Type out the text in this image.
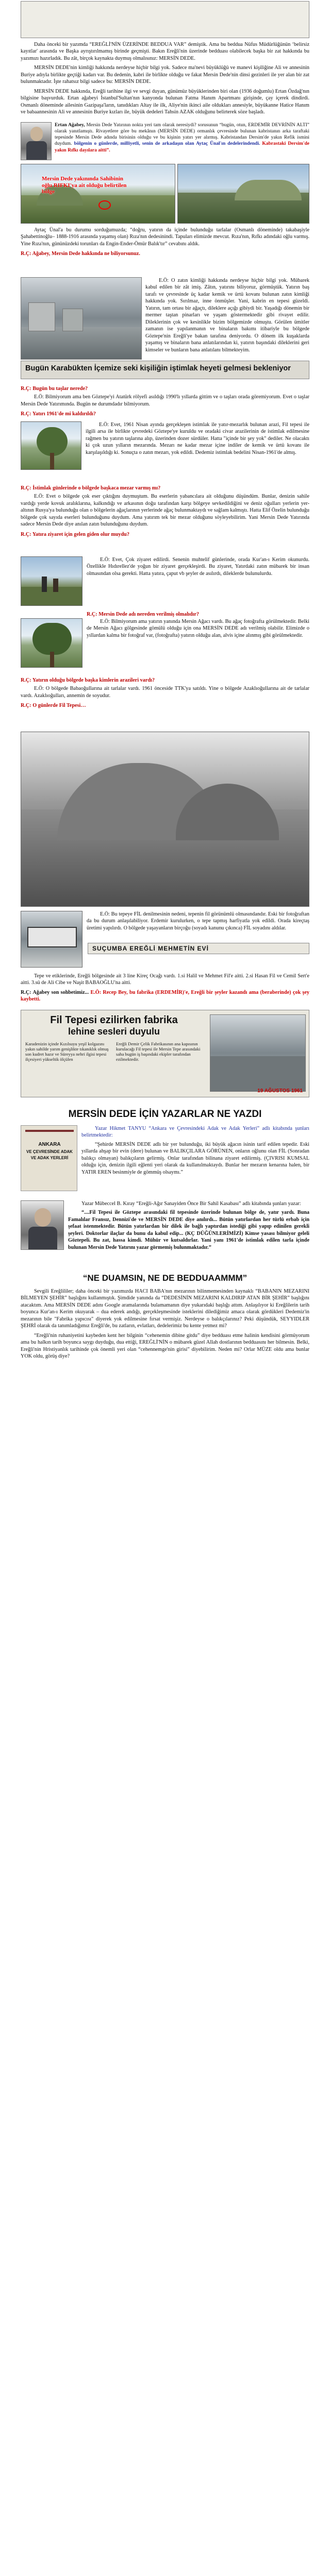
Daha önceki bir yazımda “EREĞLİ'NİN ÜZERİNDE BEDDUA VAR” demiştik. Ama bu beddua Nüfus Müdürlüğünün ‘belirsiz kayıtlar' arasında ve Başka ayrıştırılmamış birinde geçmişti. Bakın Ereğli'nin üzerinde bedduası olabilecek başka bir zat hakkında bu yazımızı hazırladık. Bu zât, birçok kaynakta duymuş olmalısınız: MERSİN DEDE.

MERSİN DEDE'nin kimliği hakkında nerdeyse hiçbir bilgi yok. Sadece ma'nevi büyüklüğü ve manevi kişiliğine Ali ve annesinin Buriye adıyla birlikte geçtiği kadarı var. Bu dedenin, kabri ile birlikte olduğu ve fakat Mersin Dede'nin dinsi gezinleri ile yer alan bir zat bulunmaktadır. İşte rahatsız bilgi sadece bu: MERSİN DEDE.

MERSİN DEDE hakkında, Ereğli tarihine ilgi ve sevgi duyan, günümüz büyüklerinden biri olan (1936 doğumlu) Ertan Özdağ'nın bilgisine başvurduk. Ertan ağabeyi İstanbul'Sultan'nın kanyonda bulunan Fatma Hanım Apartmanı girişinde, çay içerek dindirdi. Osmanlı döneminde ailesinin Gazipaşa'ların, tanıdıkları Altay ile ilk, Aliye'nin ikinci aile oldukları annesiyle, büyükanne Hatice Hanım ve babaannesinin Ali ve annesinin Buriye kızları ile, büyük dedeleri Tahsin AZAK olduğunu belirterek söze başladı.

Ertan Ağabey, Mersin Dede Yatırının nokta yeri tam olarak neresiydi? sorusunun “bugün, otun, ERDEMİR DEVRİNİN ALTI” olarak yanıtlamıştı. Rivayetlere göre bu mekânın (MERSİN DEDE) ormanlık çevresinde bulunan kabristanın arka taraftaki tepesinde Mersin Dede adında birisinin olduğu ve bu kişinin yatırı yer alırmış. Kabristandan Dersim'de yakın Refik ismini duydum. bölgenin o günlerde, milliyetli, senin de arkadaşın olan Aytaç Ünal'ın dedelerindendi. Kabrastaki Dersim'de yakın Rıfkı dayılara aitti”.
Mersin Dede yakınında Sahibinin oğlu RIFKI'ya ait olduğu belirtilen bölge

Aytaç Ünal'a bu durumu sorduğumuzda; “doğru, yatırın da içinde bulunduğu tarlalar (Osmanlı döneminde) takabaşiyle Şahabettinoğlu– 1888-1916 arasında yaşamış olan) Rıza'nın dedesinindi. Tapuları elimizde mevcut. Rıza'nın, Rıfkı adındaki oğlu varmış. Yine Rıza'nın, gününüzdeki torunları da Engin-Ender-Ömür Balık'tır” cevabını aldık.

R.Ç: Ağabey, Mersin Dede hakkında ne biliyorsunuz.

E.Ö: O zatın kimliği hakkında nerdeyse hiçbir bilgi yok. Mübarek kabul edilen bir zât imiş. Zâtın, yatırını biliyoruz, görmüştük. Yatırın baş tarafı ve çevresinde üç kadar kemik ve ürtü kovanı bulunan zatın kimliği hakkında yok. Sırılmaz, inne önmüşler. Yani, kabrin en tepesi güzeldi. Yatırın, tam ortası bir ağaçtı, dileklere açığı gibiydi bir. Yaşadığı dönemin bir mermer taştan pinarları ve yaşam göstermektedir gibi rivayet edilir. Dileklerinin çok ve kesinlikle bizim bölgemizde olmuştu. Görülen ümitler zamanın ise yapılanmanın ve binaların bakımı itibariyle bu bölgede Göztepe'nin Ereğli'ye bakan tarafına deniyordu. O dönem ilk kuşaklarda yaşamış ve binaların bana anlatılarından ki, yatırın başındaki dileklerini geri kimseler ve bunların bana anlatılanı bilmekteyim.

Bugün Karabükten İçemize seki kişiliğin iştimlak heyeti gelmesi bekleniyor

R.Ç: Bugün bu taşlar nerede?

E.Ö: Bilmiyorum ama ben Göztepe'yi Atatürk rölyefi asıldığı 1990'lı yıllarda gittim ve o taşları orada göremiyorum. Evet o taşlar Mersin Dede Yatırımında. Bugün ne durumdadır bilmiyorum.

R.Ç: Yatırı 1961'de mi kaldırıldı?

E.Ö: Evet, 1961 Nisan ayında gerçekleşen istimlak ile yatır-mezarlık bulunan arazi, Fil tepesi ile ilgili arsa ile birlikte çevredeki Göztepe'ye kuruldu ve oradaki civar arazilerinin de istimlak edilmesine rağmen bu yatırın taşlarına alıp, üzerinden dozer sürdüler. Hatta "içinde bir şey yok" dediler. Ne olacaktı ki çok uzun yılların mezarında. Mezarı ne kadar mezar içine indiler de kemik ve ürtü kovanı ile karşılaşıldığı ki. Sonuçta o zatın mezarı, yok edildi. Dedemiz istimlak bedelini Nisan-1961'de almış.

R.Ç: İstimlak günlerinde o bölgede başkaca mezar varmış mı?

E.Ö: Evet o bölgede çok eser çıktığını duymuştum. Bu eserlerin yabancılara ait olduğunu düşündüm. Bunlar, denizin sahile vardığı yerde kovuk aralıklarına, kalkındığı ve arkasının doğu tarafından karşı bölgeye sevkedildiğini ve deniz oğulları yerlerin yer-altının Rusya'ya bulunduğu olan o bölgelerin ağaçlarının yerlerinde ağaç bulunmaktaydı ve sağlam kalmıştı. Hatta Elif Özelin bulunduğu bölgede çok sayıda eserleri bulunduğunu duydum. Ama yatırım tek bir mezar olduğunu söyleyebilirim. Yani Mersin Dede Yatırında sadece Mersin Dede diye anılan zatın bulunduğunu duydum.

R.Ç: Yatıra ziyaret için gelen giden olur muydu?

E.Ö: Evet, Çok ziyaret edilirdi. Senenin muhtelif günlerinde, orada Kur'an-ı Kerim okunurdu. Özellikle Hıdırellez'de yoğun bir ziyaret gerçekleşirdi. Bu ziyaret, Yatırdaki zatın mübarek bir insan olmasından olsa gerekti. Hatta yatıra, çaput vb şeyler de asılırdı, dileklerde bulunulurdu.

R.Ç: Mersin Dede adı nereden verilmiş olmalıdır?

E.Ö: Bilmiyorum ama yatırın yanında Mersin Ağacı vardı. Bu ağaç fotoğrafta görülmektedir. Belki de Mersin Ağacı gölgesinde gömülü olduğu için ona MERSİN DEDE adı verilmiş olabilir. Elimizde o yıllardan kalma bir fotoğraf var, (fotoğrafta) yatırın olduğu alan, alvis içine alınmış gibi görülmektedir.

R.Ç: Yatırın olduğu bölgede başka kimlerin arazileri vardı?

E.Ö: O bölgede Babaoğullarına ait tarlalar vardı. 1961 önceside TTK'ya satıldı. Yine o bölgede Azaklıoğullarına ait de tarlalar vardı. Azaklıoğulları, annemin de soyudur.

R.Ç: O günlerde Fil Tepesi…

E.Ö: Bu tepeye FİL denilmesinin nedeni, tepenin fil görünümlü olmasındandır. Eski bir fotoğraftan da bu durum anlaşılabiliyor. Erdemir kurulurken, o tepe tapmış harfiyatla yok edildi. Orada kireçtaş üretimi yapılırdı. O bölgede yaşayanların birçoğu (soyadı kanunu çıkınca) FİL soyadını aldılar.

SUÇUMBA EREĞLİ MEHMETİN EVİ

Tepe ve etiklerinde, Ereğli bölgesinde ait 3 line Kireç Ocağı vardı. 1.si Halil ve Mehmet Fil'e aitti. 2.si Hasan Fil ve Cemil Sert'e aitti. 3.sü de Ali Cibe ve Naşit BABAOĞLU'na aitti.

R.Ç: Ağabey son sohbetimiz... E.Ö: Recep Bey, bu fabrika (ERDEMİR)'e, Ereğli bir şeyler kazandı ama (beraberinde) çok şey kaybetti.

Fil Tepesi ezilirken fabrika
lehine sesleri duyulu
Karadenizin içinde Kızılsuyu yeşil kolgazını yakın sahilde yarım genişlikte tıkanıklık olmuş son kudret hazır ve Süreyya nehri ilgisi tepesi ilçesiyeri yükseltik ölçülen
Ereğli Demir Çelik Fabrikasının ana kapısının kurulacağı Fil tepesi ile Mersin Tepe arasındaki saha bugün iş başındaki ekipler tarafından ezilmektedir.
19 AĞUSTOS 1961
MERSİN DEDE İÇİN YAZARLAR NE YAZDI
ANKARA
VE ÇEVRESİNDE ADAK
VE ADAK YERLERİ

Yazar Hikmet TANYU “Ankara ve Çevresindeki Adak ve Adak Yerleri” adlı kitabında şunları belirtmektedir:

“Şehirde MERSİN DEDE adlı bir yer bulunduğu, iki büyük ağacın isinin tarif edilen tepedir. Eski yıllarda ahşap bir evin (dere) bulunan ve BALIKÇILARA GÖRÜNEN, onların oğlunu olan FİL (Sonradan balıkçı olmayan) balıkçıların gelirmiş. Onlar tarafından bilinana ziyaret edilirmiş. (ÇIVRISI KUMSAL olduğu için, denizin ilgili eğlenti yeri olarak da kullanılmaktaydı. Bunlar her mezarın kenarına halen, bir YATIR EREN besinmiyle de gömmüş olsaymı.”

Yazar Mübeccel B. Kıray “Ereğli-Ağır Sanayiden Önce Bir Sahil Kasabası” adlı kitabında şunları yazar:

“....Fil Tepesi ile Göztepe arasındaki fil tepesinde üzerinde bulunan bölge de, yatır yardı. Buna Famalılar Fransız, Dennizi'de ve MERSİN DEDE diye anılırdı... Bütün yatırlardan her türlü erbab için şefaat istenmektedir. Bütün yatırlardan bir dilek ile bağlı yaptırdan istediği gibi yapıp edinilen gerekli şeyleri. Doktorlar ilaçlar da bunu da kabul edip... (KÇ DÜĞÜNLERİMİZİ) Kimse yasası bilmiyor geleli Göztepeli. Bu zat, hassa kimdi. Mühür ve kutsaldırlar. Yani yanı 1961'de istimlak edilen tarla içinde bulunan Mersin Dede Yatırını yazar görmemiş bulunmaktadır.”

“NE DUAMSIN, NE DE BEDDUAAMMM”

Sevgili Ereğlililer; daha önceki bir yazımızda HACI BABA'nın mezarının bilinmemesinden kaynaklı “BABANIN MEZARINI BİLMEYEN ŞEHİR” başlığını kullanmıştık. Şimdide yanında da “DEDESİNİN MEZARINI KALDIRIP ATAN BİR ŞEHİR” başlığını atacaktım. Ama MERSİN DEDE adını Google aramalarında bulamamanın diye yukarıdaki başlığı attım. Anlaşılıyor ki Ereğlilerin tarih boyunca Kur'an-ı Kerim okuyarak – dua ederek andığı, gerçekleşmesinde isteklerini dilediğimiz amaca olarak gördükleri Dedemiz'in mezarının bile "Fabrika yapıcısı" diyerek yok edilmesine fırsat vermişiz. Nerdeyse o balıkçılarınız? Peki düşündük, SEYYIDLER ŞEHRİ olarak da tanımladığımız Ereğli'de, bu zatların, evlatları, dedelerimiz bu kente yetmez mi?

“Ereğli'nin ruhaniyetini kaybeden kent her bilginin “cehenemin dibine gitdu” diye bedduası etme halinin kendisini görmüyorum ama bu halkın tarih boyunca saygı duyduğu, dua ettiği, EREĞLİ'NİN o mübarek güzel Allah dostlarının bedduasını her bilmesin. Belki, Ereğli'nin Hristiyanlık tarihinde çok önemli yeri olan “cehennemge'nin girisi” diyebilirim. Neden mi? Orlar MÜZE oldu ama bunlar YOK oldu, görüş diye?
